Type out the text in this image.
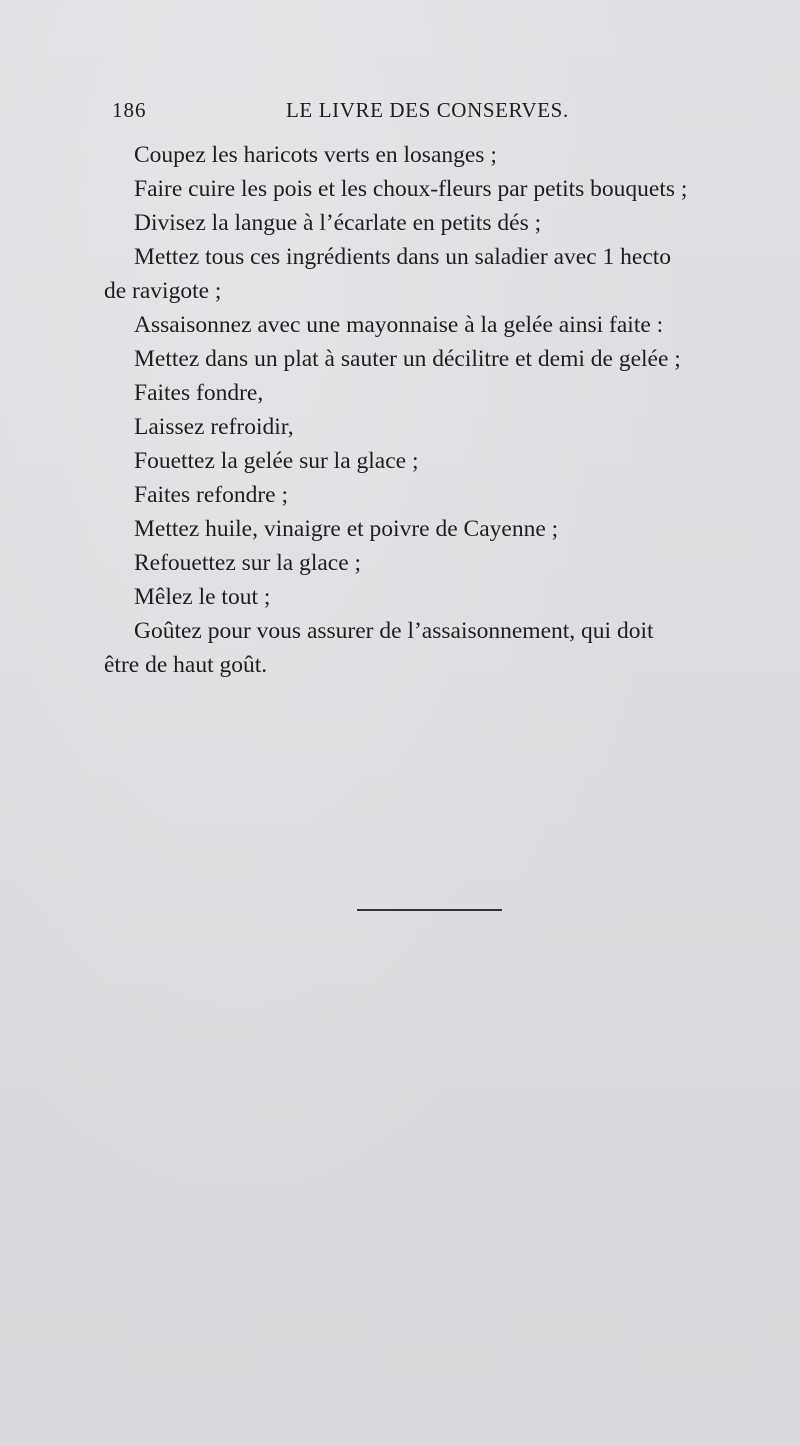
186	LE LIVRE DES CONSERVES.
Coupez les haricots verts en losanges ;
Faire cuire les pois et les choux-fleurs par petits bouquets ;
Divisez la langue à l’écarlate en petits dés ;
Mettez tous ces ingrédients dans un saladier avec 1 hecto
de ravigote ;
Assaisonnez avec une mayonnaise à la gelée ainsi faite :
Mettez dans un plat à sauter un décilitre et demi de gelée ;
Faites fondre,
Laissez refroidir,
Fouettez la gelée sur la glace ;
Faites refondre ;
Mettez huile, vinaigre et poivre de Cayenne ;
Refouettez sur la glace ;
Mêlez le tout ;
Goûtez pour vous assurer de l’assaisonnement, qui doit
être de haut goût.
